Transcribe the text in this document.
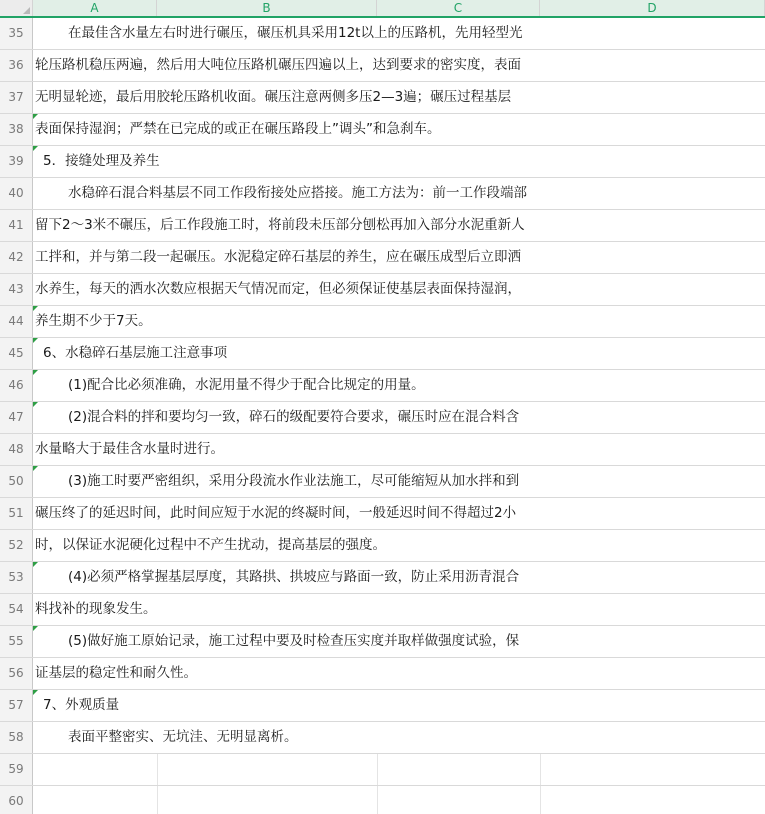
A	B	C	D
35	在最佳含水量左右时进行碾压，碾压机具采用12t以上的压路机，先用轻型光
36 轮压路机稳压两遍，然后用大吨位压路机碾压四遍以上，达到要求的密实度，表面
37 无明显轮迹，最后用胶轮压路机收面。碾压注意两侧多压2—3遍；碾压过程基层
38 表面保持湿润；严禁在已完成的或正在碾压路段上”调头”和急刹车。
39	5．接缝处理及养生
40	水稳碎石混合料基层不同工作段衔接处应搭接。施工方法为：前一工作段端部
41 留下2～3米不碾压，后工作段施工时，将前段未压部分刨松再加入部分水泥重新人
42 工拌和，并与第二段一起碾压。水泥稳定碎石基层的养生，应在碾压成型后立即洒
43 水养生，每天的洒水次数应根据天气情况而定，但必须保证使基层表面保持湿润，
44 养生期不少于7天。
45	6、水稳碎石基层施工注意事项
46	(1)配合比必须准确，水泥用量不得少于配合比规定的用量。
47	(2)混合料的拌和要均匀一致，碎石的级配要符合要求，碾压时应在混合料含
48 水量略大于最佳含水量时进行。
50	(3)施工时要严密组织，采用分段流水作业法施工，尽可能缩短从加水拌和到
51 碾压终了的延迟时间，此时间应短于水泥的终凝时间，一般延迟时间不得超过2小
52 时，以保证水泥硬化过程中不产生扰动，提高基层的强度。
53	(4)必须严格掌握基层厚度，其路拱、拱坡应与路面一致，防止采用沥青混合
54 料找补的现象发生。
55	(5)做好施工原始记录，施工过程中要及时检查压实度并取样做强度试验，保
56 证基层的稳定性和耐久性。
57	7、外观质量
58	表面平整密实、无坑洼、无明显离析。
59
60
